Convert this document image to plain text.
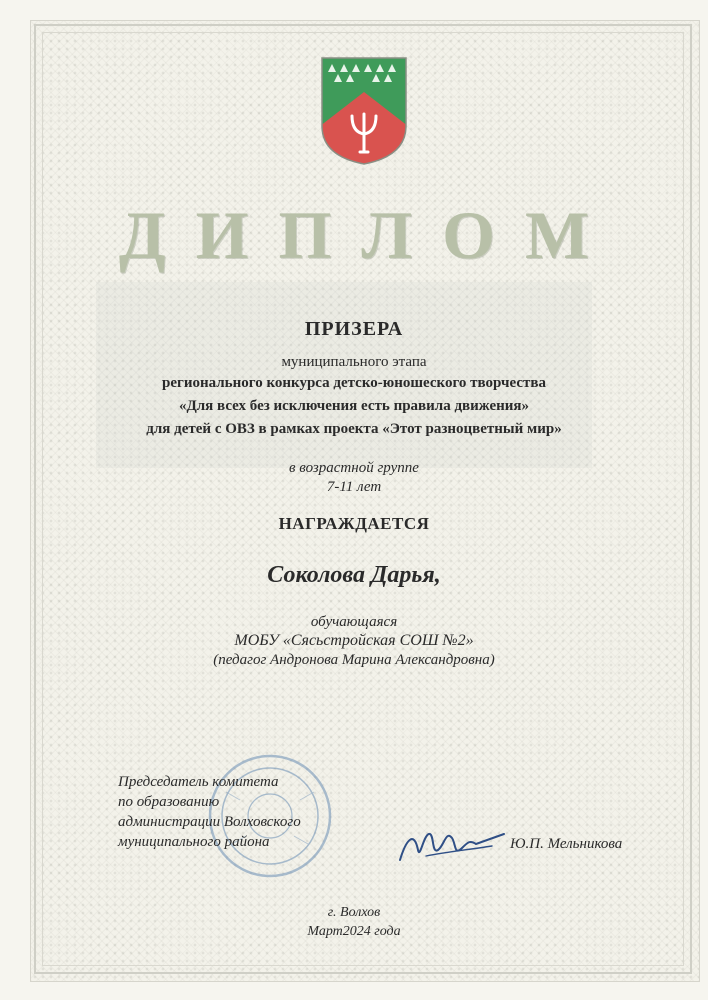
ДИПЛОМ
ПРИЗЕРА
муниципального этапа
регионального конкурса детско-юношеского творчества
«Для всех без исключения есть правила движения»
для детей с ОВЗ в рамках проекта «Этот разноцветный мир»
в возрастной группе
7-11 лет
НАГРАЖДАЕТСЯ
Соколова Дарья,
обучающаяся
МОБУ «Сясьстройская СОШ №2»
(педагог Андронова Марина Александровна)
Председатель комитета
по образованию
администрации Волховского
муниципального района	Ю.П. Мельникова
г. Волхов
Март2024 года
